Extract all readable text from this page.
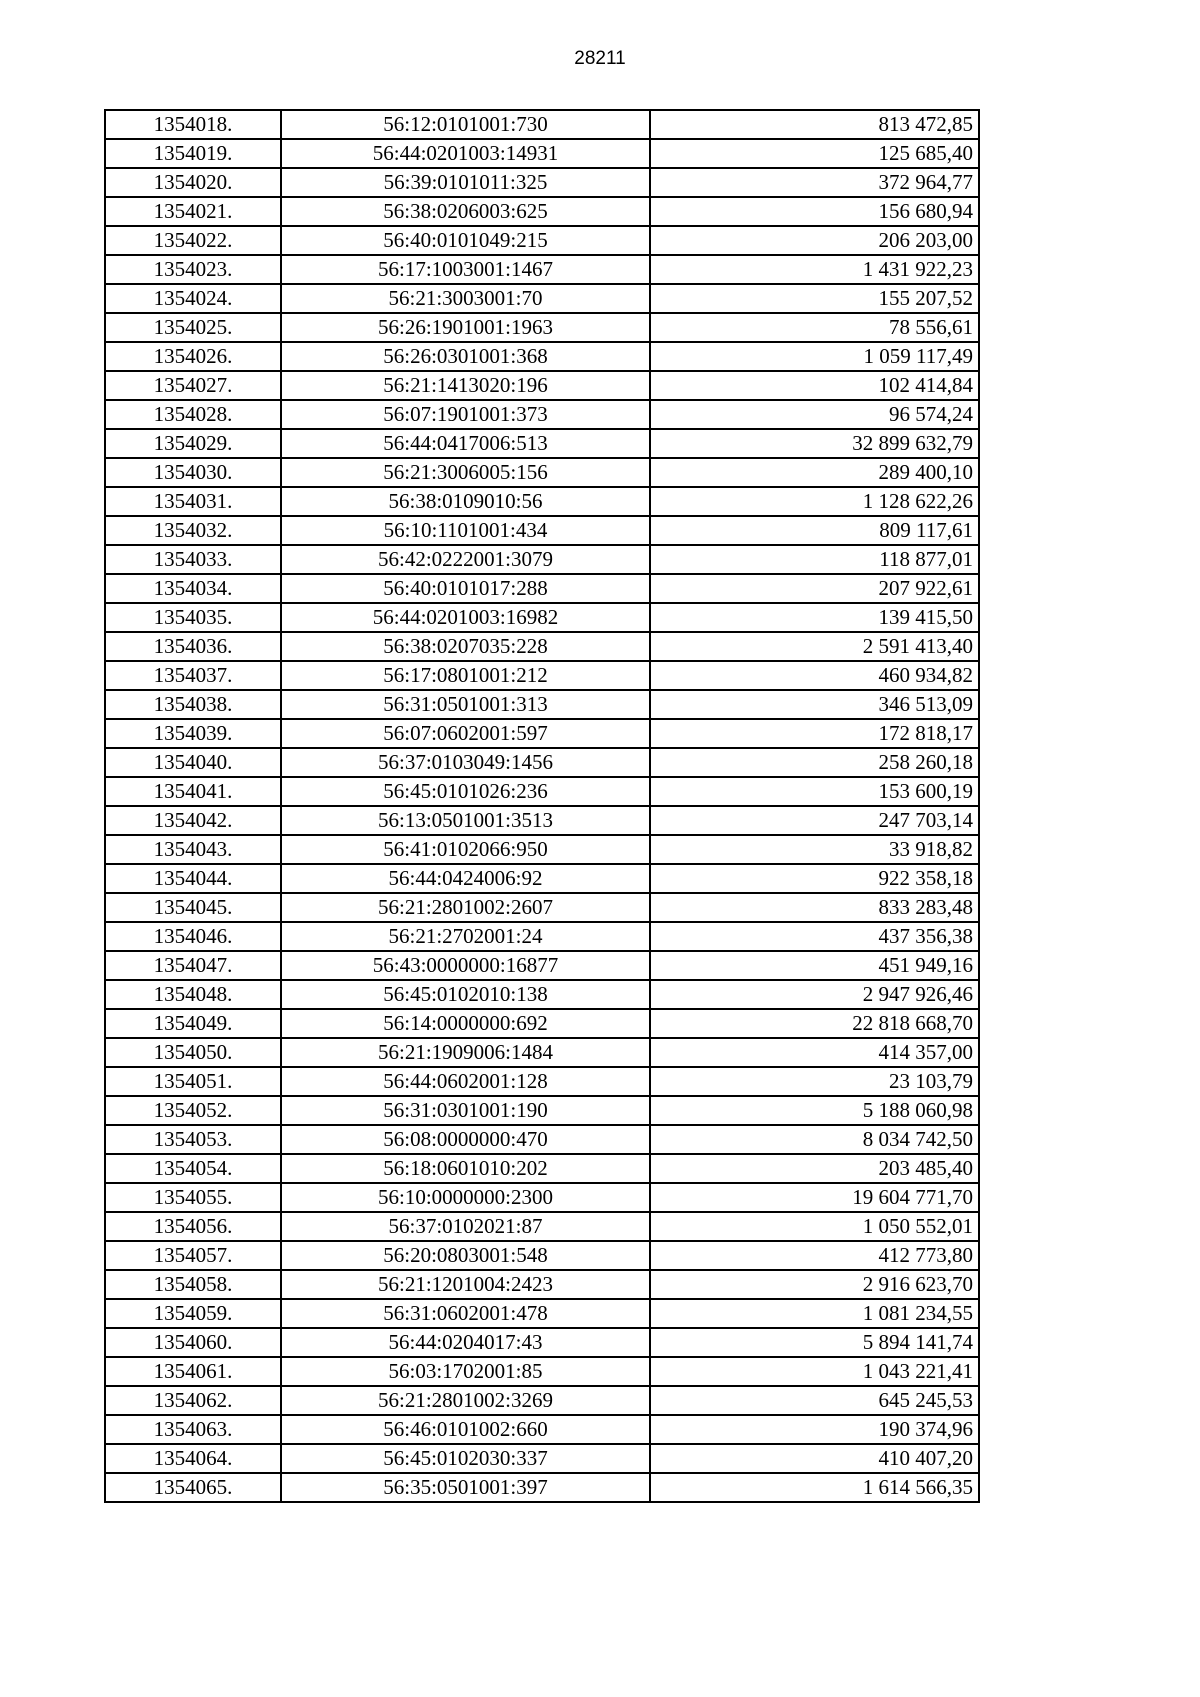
28211
1354018.	56:12:0101001:730	813 472,85
1354019.	56:44:0201003:14931	125 685,40
1354020.	56:39:0101011:325	372 964,77
1354021.	56:38:0206003:625	156 680,94
1354022.	56:40:0101049:215	206 203,00
1354023.	56:17:1003001:1467	1 431 922,23
1354024.	56:21:3003001:70	155 207,52
1354025.	56:26:1901001:1963	78 556,61
1354026.	56:26:0301001:368	1 059 117,49
1354027.	56:21:1413020:196	102 414,84
1354028.	56:07:1901001:373	96 574,24
1354029.	56:44:0417006:513	32 899 632,79
1354030.	56:21:3006005:156	289 400,10
1354031.	56:38:0109010:56	1 128 622,26
1354032.	56:10:1101001:434	809 117,61
1354033.	56:42:0222001:3079	118 877,01
1354034.	56:40:0101017:288	207 922,61
1354035.	56:44:0201003:16982	139 415,50
1354036.	56:38:0207035:228	2 591 413,40
1354037.	56:17:0801001:212	460 934,82
1354038.	56:31:0501001:313	346 513,09
1354039.	56:07:0602001:597	172 818,17
1354040.	56:37:0103049:1456	258 260,18
1354041.	56:45:0101026:236	153 600,19
1354042.	56:13:0501001:3513	247 703,14
1354043.	56:41:0102066:950	33 918,82
1354044.	56:44:0424006:92	922 358,18
1354045.	56:21:2801002:2607	833 283,48
1354046.	56:21:2702001:24	437 356,38
1354047.	56:43:0000000:16877	451 949,16
1354048.	56:45:0102010:138	2 947 926,46
1354049.	56:14:0000000:692	22 818 668,70
1354050.	56:21:1909006:1484	414 357,00
1354051.	56:44:0602001:128	23 103,79
1354052.	56:31:0301001:190	5 188 060,98
1354053.	56:08:0000000:470	8 034 742,50
1354054.	56:18:0601010:202	203 485,40
1354055.	56:10:0000000:2300	19 604 771,70
1354056.	56:37:0102021:87	1 050 552,01
1354057.	56:20:0803001:548	412 773,80
1354058.	56:21:1201004:2423	2 916 623,70
1354059.	56:31:0602001:478	1 081 234,55
1354060.	56:44:0204017:43	5 894 141,74
1354061.	56:03:1702001:85	1 043 221,41
1354062.	56:21:2801002:3269	645 245,53
1354063.	56:46:0101002:660	190 374,96
1354064.	56:45:0102030:337	410 407,20
1354065.	56:35:0501001:397	1 614 566,35
